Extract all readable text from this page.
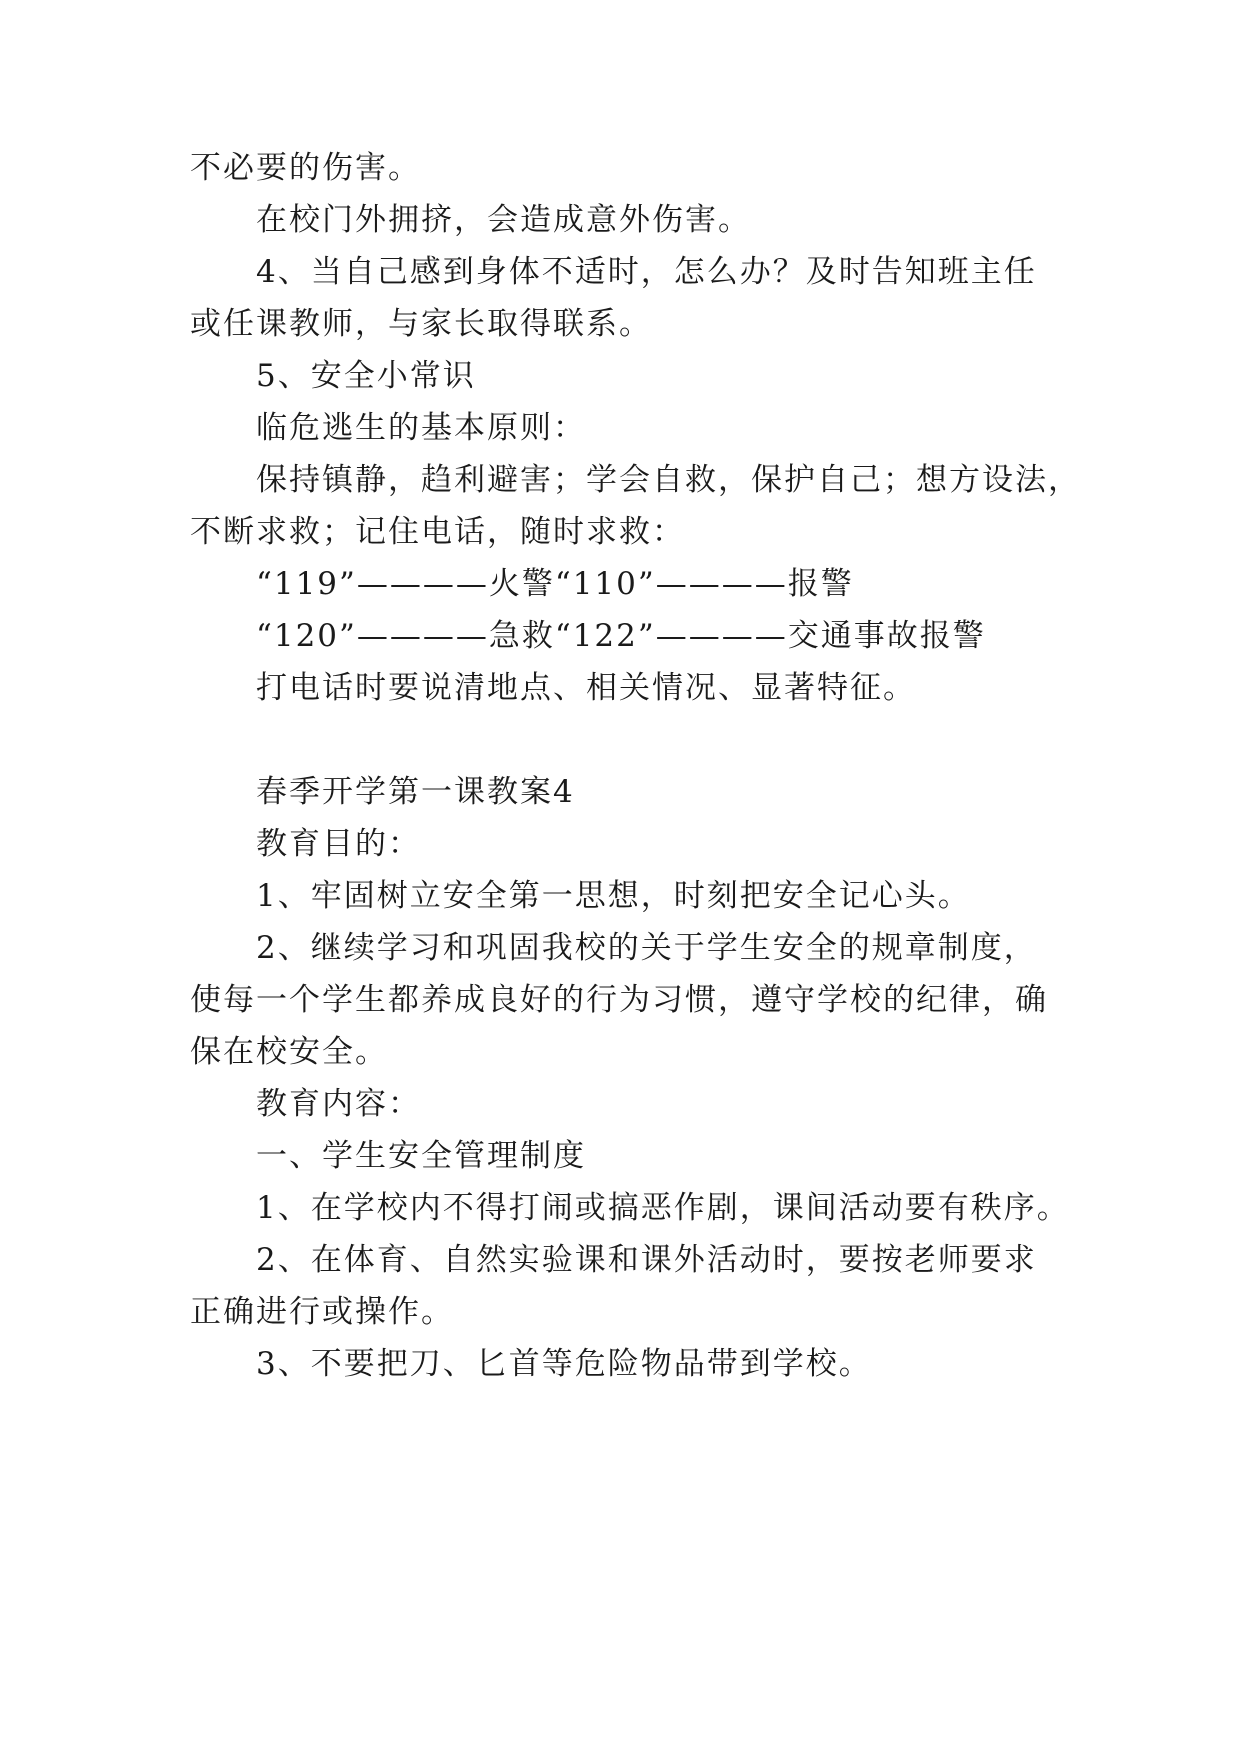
不必要的伤害。
在校门外拥挤，会造成意外伤害。
4、当自己感到身体不适时，怎么办？及时告知班主任
或任课教师，与家长取得联系。
5、安全小常识
临危逃生的基本原则：
保持镇静，趋利避害；学会自救，保护自己；想方设法，
不断求救；记住电话，随时求救：
“119”————火警“110”————报警
“120”————急救“122”————交通事故报警
打电话时要说清地点、相关情况、显著特征。
春季开学第一课教案4
教育目的：
1、牢固树立安全第一思想，时刻把安全记心头。
2、继续学习和巩固我校的关于学生安全的规章制度，
使每一个学生都养成良好的行为习惯，遵守学校的纪律，确
保在校安全。
教育内容：
一、学生安全管理制度
1、在学校内不得打闹或搞恶作剧，课间活动要有秩序。
2、在体育、自然实验课和课外活动时，要按老师要求
正确进行或操作。
3、不要把刀、匕首等危险物品带到学校。
